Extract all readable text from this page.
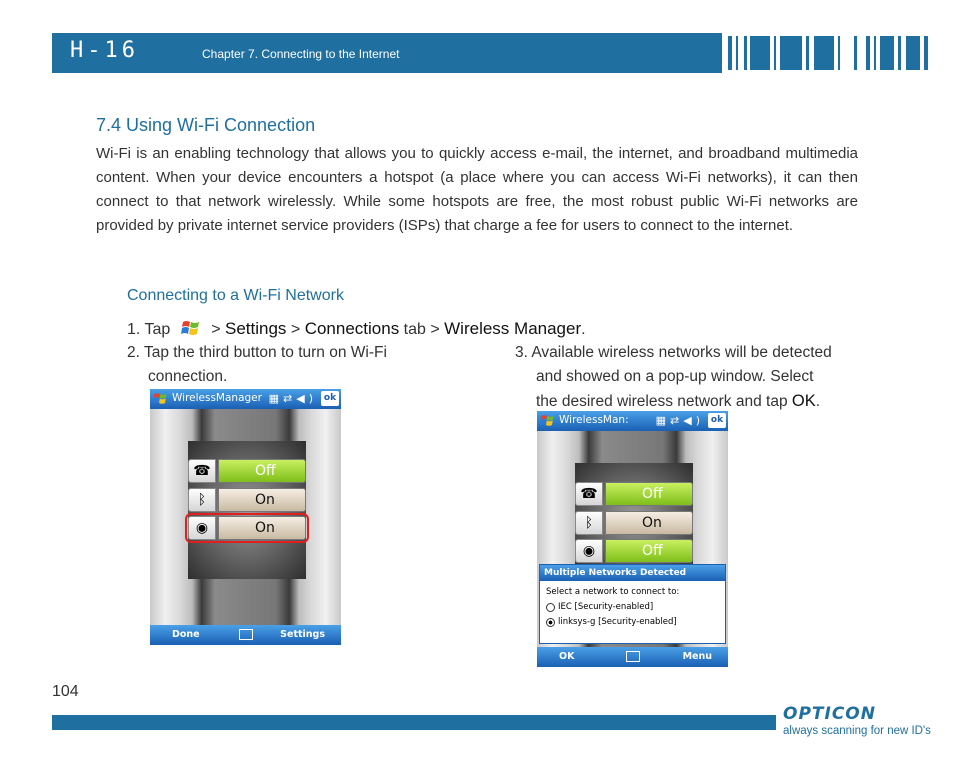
H-16	Chapter 7. Connecting to the Internet
7.4 Using Wi-Fi Connection
Wi-Fi is an enabling technology that allows you to quickly access e-mail, the internet, and broadband multimedia content. When your device encounters a hotspot (a place where you can access Wi-Fi networks), it can then connect to that network wirelessly. While some hotspots are free, the most robust public Wi-Fi networks are provided by private internet service providers (ISPs) that charge a fee for users to connect to the internet.
Connecting to a Wi-Fi Network
1. Tap	> Settings > Connections tab > Wireless Manager.
2. Tap the third button to turn on Wi-Fi
connection.
3. Available wireless networks will be detected
and showed on a pop-up window. Select
the desired wireless network and tap OK.
WirelessManager ▦⇄◀) ok
☎	Off
ᛒ	On
◉	On
Done	Settings
WirelessMan: ▦⇄◀) ok
☎	Off
ᛒ	On
◉	Off
Multiple Networks Detected
Select a network to connect to:
IEC [Security-enabled]
linksys-g [Security-enabled]
OK	Menu
104
OPTICON
always scanning for new ID's
